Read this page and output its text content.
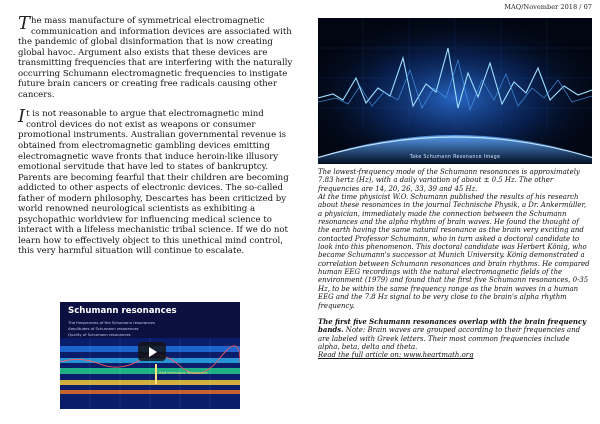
MAQ/November 2018 / 07

The mass manufacture of symmetrical electromagnetic communication and information devices are associated with the pandemic of global disinformation that is now creating global havoc. Argument also exists that these devices are transmitting frequencies that are interfering with the naturally occurring Schumann electromagnetic frequencies to instigate future brain cancers or creating free radicals causing other cancers.

It is not reasonable to argue that electromagnetic mind control devices do not exist as weapons or consumer promotional instruments. Australian governmental revenue is obtained from electromagnetic gambling devices emitting electromagnetic wave fronts that induce heroin-like illusory emotional servitude that have led to states of bankruptcy. Parents are becoming fearful that their children are becoming addicted to other aspects of electronic devices. The so-called father of modern philosophy, Descartes has been criticized by world renowned neurological scientists as exhibiting a psychopathic worldview for influencing medical science to interact with a lifeless mechanistic tribal science. If we do not learn how to effectively object to this unethical mind control, this very harmful situation will continue to escalate.

Take Schumann Resonance Image

The lowest-frequency mode of the Schumann resonances is approximately 7.83 hertz (Hz), with a daily variation of about ± 0.5 Hz. The other frequencies are 14, 20, 26, 33, 39 and 45 Hz.

At the time physicist W.O. Schumann published the results of his research about these resonances in the journal Technische Physik, a Dr. Ankermüller, a physician, immediately made the connection between the Schumann resonances and the alpha rhythm of brain waves. He found the thought of the earth having the same natural resonance as the brain very exciting and contacted Professor Schumann, who in turn asked a doctoral candidate to look into this phenomenon. This doctoral candidate was Herbert König, who became Schumann's successor at Munich University. König demonstrated a correlation between Schumann resonances and brain rhythms. He compared human EEG recordings with the natural electromagnetic fields of the environment (1979) and found that the first five Schumann resonances, 0-35 Hz, to be within the same frequency range as the brain waves in a human EEG and the 7.8 Hz signal to be very close to the brain's alpha rhythm frequency.

The first five Schumann resonances overlap with the brain frequency bands. Note: Brain waves are grouped according to their frequencies and are labeled with Greek letters. Their most common frequencies include alpha, beta, delta and theta.

Read the full article on: www.heartmath.org

Schumann resonances
The frequencies of the Schumann resonances
Amplitudes of Schumann resonances
Quality of Schumann resonances
Red Harmonic Resonance
